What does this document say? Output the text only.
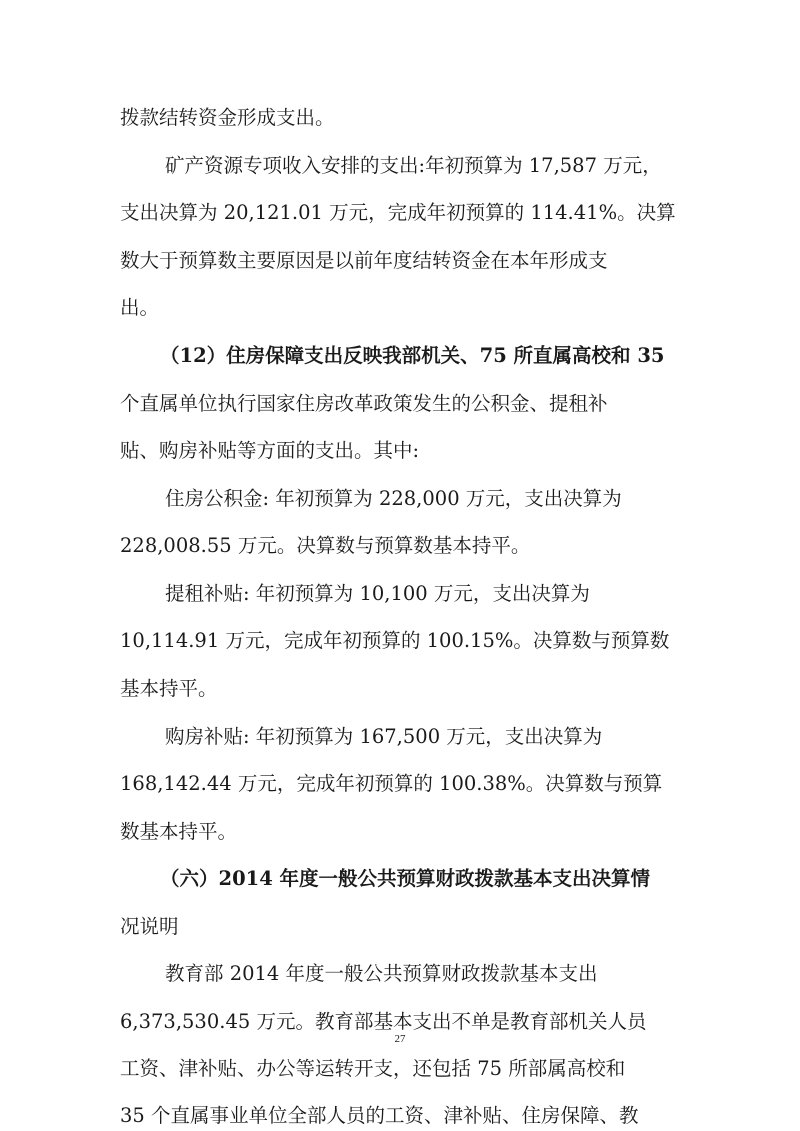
拨款结转资金形成支出。
矿产资源专项收入安排的支出:年初预算为 17,587 万元，
支出决算为 20,121.01 万元，完成年初预算的 114.41%。决算
数大于预算数主要原因是以前年度结转资金在本年形成支
出。
（12）住房保障支出反映我部机关、75 所直属高校和 35
个直属单位执行国家住房改革政策发生的公积金、提租补
贴、购房补贴等方面的支出。其中:
住房公积金: 年初预算为 228,000 万元，支出决算为
228,008.55 万元。决算数与预算数基本持平。
提租补贴: 年初预算为 10,100 万元，支出决算为
10,114.91 万元，完成年初预算的 100.15%。决算数与预算数
基本持平。
购房补贴: 年初预算为 167,500 万元，支出决算为
168,142.44 万元，完成年初预算的 100.38%。决算数与预算
数基本持平。
（六）2014 年度一般公共预算财政拨款基本支出决算情
况说明
教育部 2014 年度一般公共预算财政拨款基本支出
6,373,530.45 万元。教育部基本支出不单是教育部机关人员
工资、津补贴、办公等运转开支，还包括 75 所部属高校和
35 个直属事业单位全部人员的工资、津补贴、住房保障、教
27
